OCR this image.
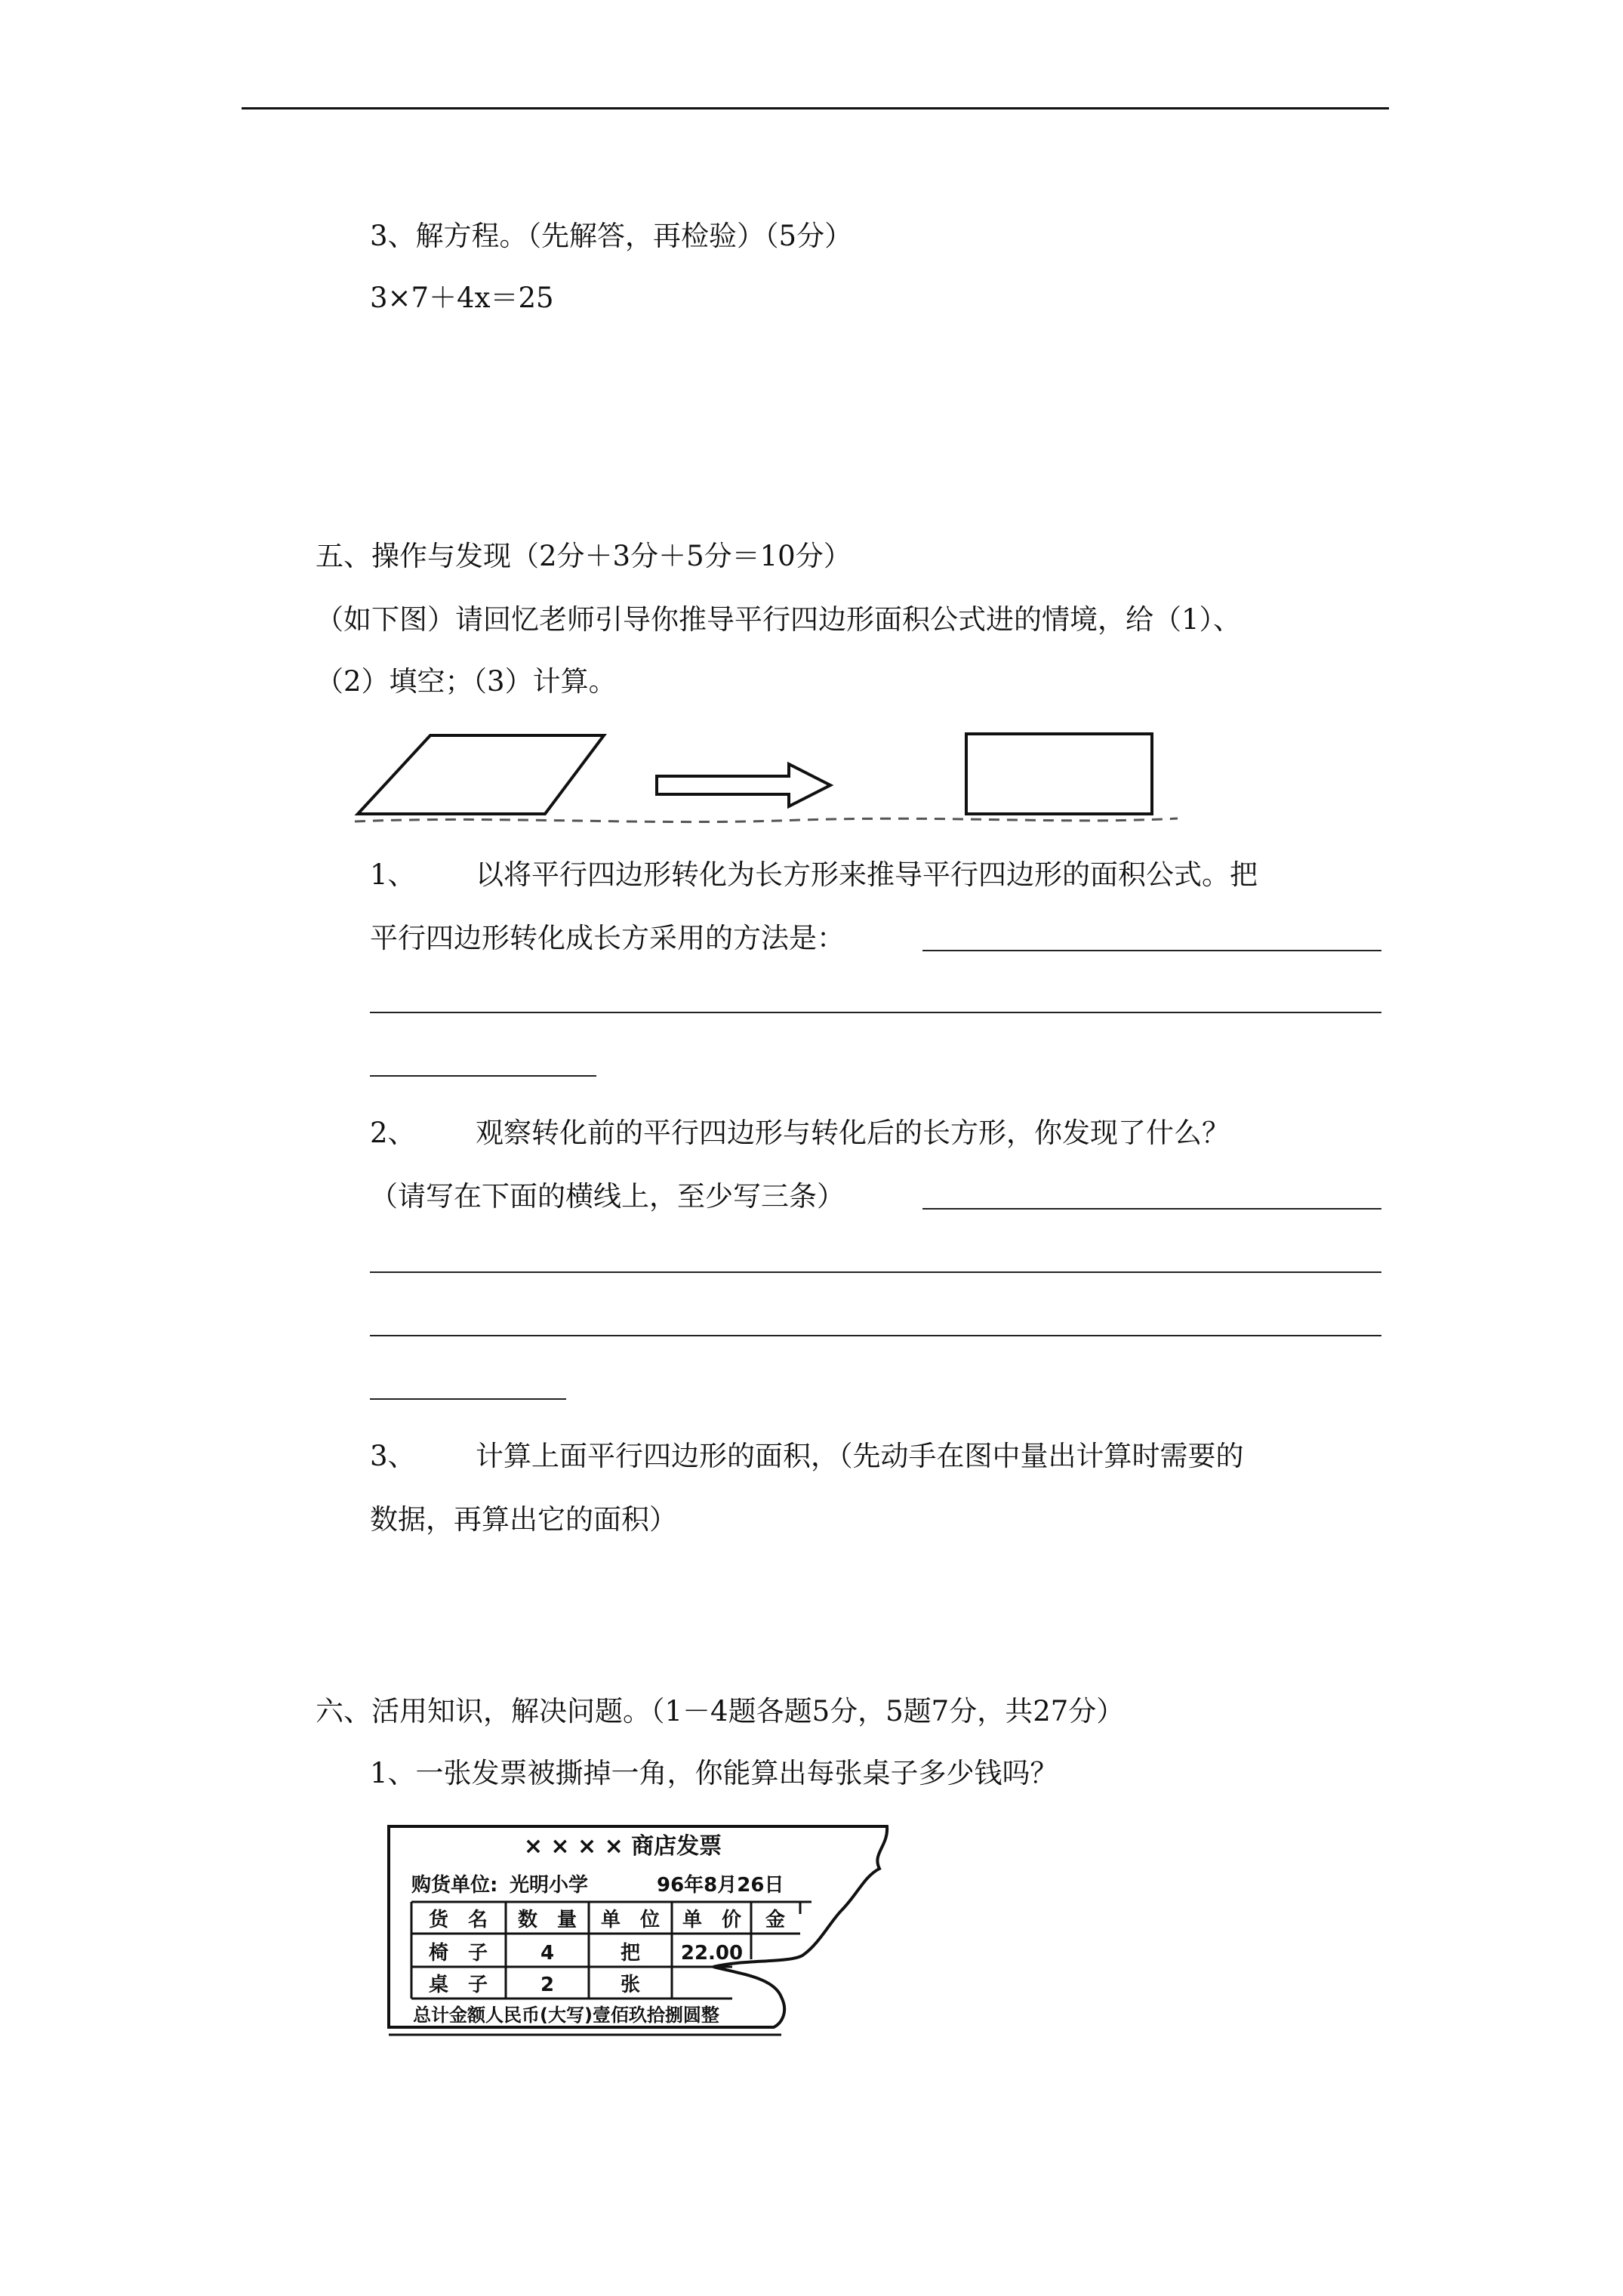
3、解方程。（先解答，再检验）（5分）
3×7＋4x＝25
五、操作与发现（2分＋3分＋5分＝10分）
（如下图）请回忆老师引导你推导平行四边形面积公式进的情境，给（1）、
（2）填空；（3）计算。
1、 以将平行四边形转化为长方形来推导平行四边形的面积公式。把
平行四边形转化成长方采用的方法是：
2、 观察转化前的平行四边形与转化后的长方形，你发现了什么？
（请写在下面的横线上，至少写三条）
3、 计算上面平行四边形的面积，（先动手在图中量出计算时需要的
数据，再算出它的面积）
六、活用知识，解决问题。（1－4题各题5分，5题7分，共27分）
1、一张发票被撕掉一角，你能算出每张桌子多少钱吗？
× × × × 商店发票
购货单位: 光明小学	96年8月26日
货　名 数　量 单　位 单　价 金
椅　子	4	把 22.00
桌　子	2	张
总计金额人民币(大写)壹佰玖拾捌圆整
